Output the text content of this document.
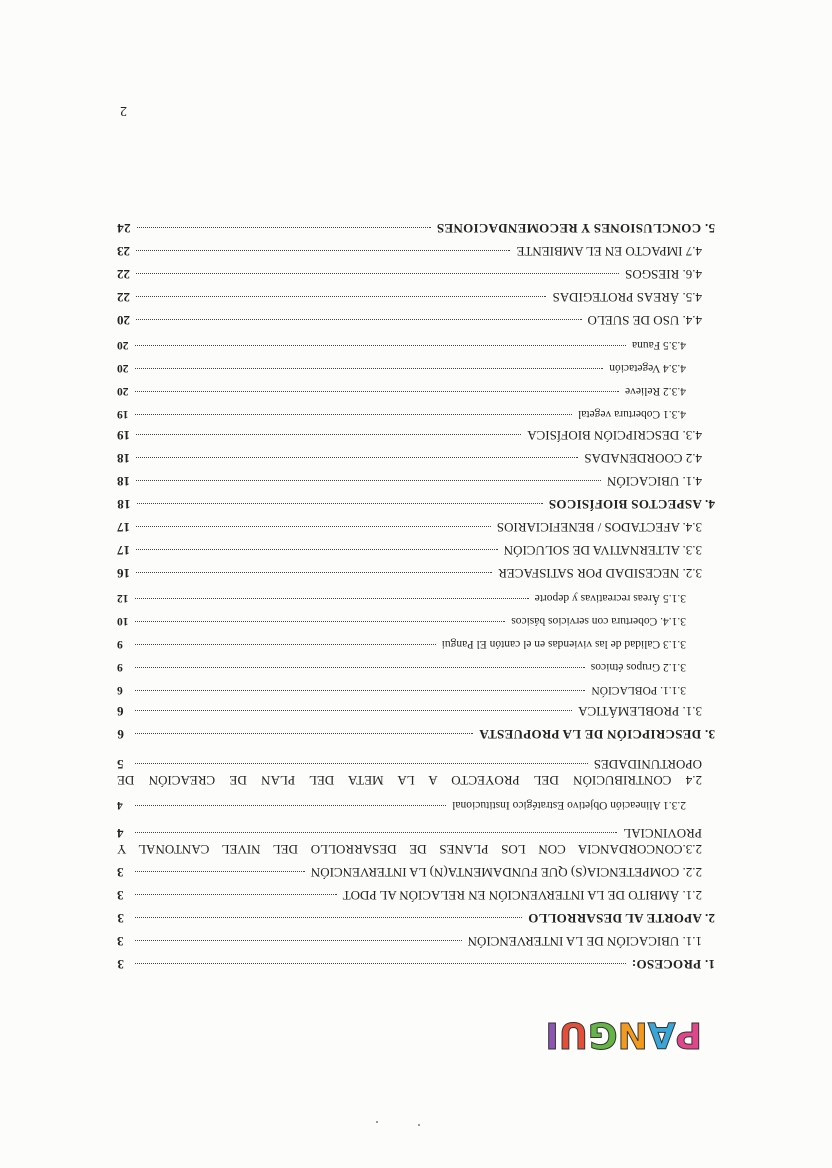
P
A
N
G
U
I
1. PROCESO:
3
1.1. UBICACIÓN DE LA INTERVENCIÓN
3
2. APORTE AL DESARROLLO
3
2.1. ÁMBITO DE LA INTERVENCIÓN EN RELACIÓN AL PDOT
3
2.2. COMPETENCIA(S) QUE FUNDAMENTA(N) LA INTERVENCIÓN
3
2.3.CONCORDANCIA CON LOS PLANES DE DESARROLLO DEL NIVEL CANTONAL Y
PROVINCIAL
4
2.3.1 Alineación Objetivo Estratégico Institucional
4
2.4 CONTRIBUCIÓN DEL PROYECTO A LA META DEL PLAN DE CREACIÓN DE
OPORTUNIDADES
5
3. DESCRIPCIÓN DE LA PROPUESTA
6
3.1. PROBLEMÁTICA
6
3.1.1. POBLACIÓN
6
3.1.2 Grupos étnicos
9
3.1.3 Calidad de las viviendas en el cantón El Pangui
9
3.1.4. Cobertura con servicios básicos
10
3.1.5 Áreas recreativas y deporte
12
3.2. NECESIDAD POR SATISFACER
16
3.3. ALTERNATIVA DE SOLUCIÓN
17
3.4. AFECTADOS / BENEFICIARIOS
17
4. ASPECTOS BIOFÍSICOS
18
4.1. UBICACIÓN
18
4.2 COORDENADAS
18
4.3. DESCRIPCIÓN BIOFÍSICA
19
4.3.1 Cobertura vegetal
19
4.3.2 Relieve
20
4.3.4 Vegetación
20
4.3.5 Fauna
20
4.4. USO DE SUELO
20
4.5. ÁREAS PROTEGIDAS
22
4.6. RIESGOS
22
4.7 IMPACTO EN EL AMBIENTE
23
5. CONCLUSIONES Y RECOMENDACIONES
24
2
